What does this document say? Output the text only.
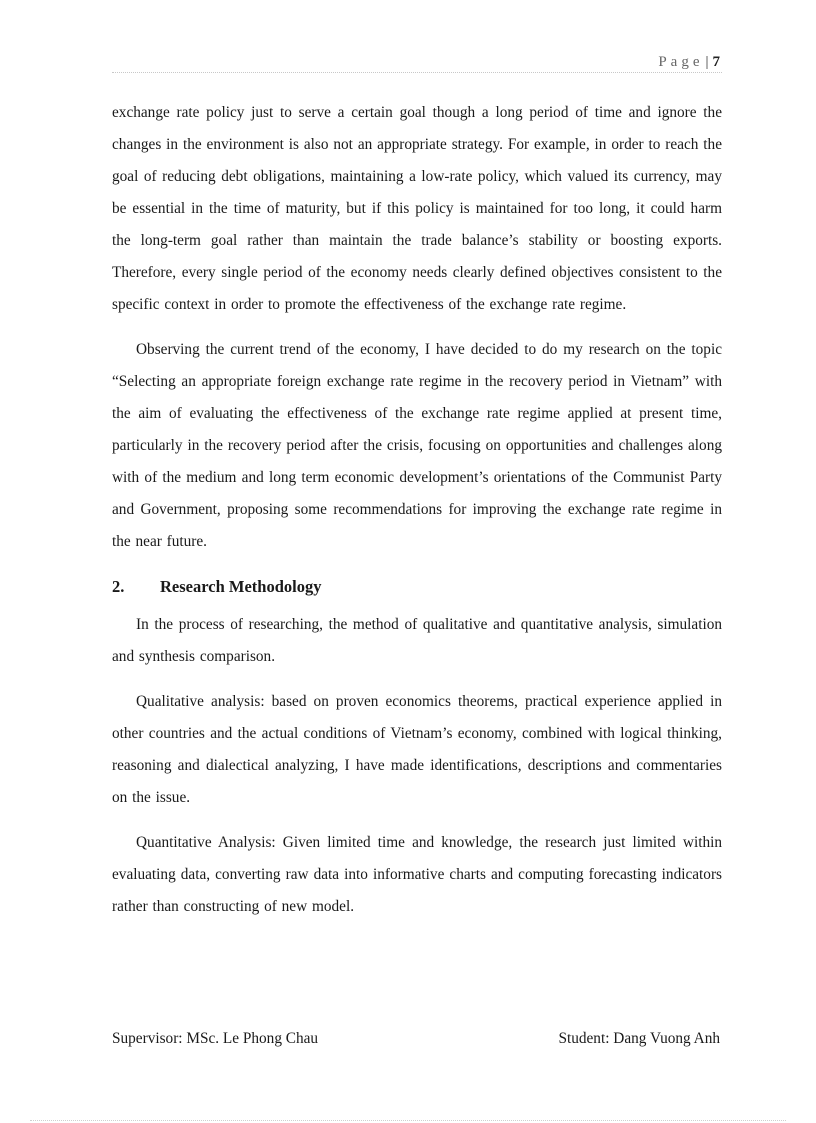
Page | 7

exchange rate policy just to serve a certain goal though a long period of time and ignore the changes in the environment is also not an appropriate strategy. For example, in order to reach the goal of reducing debt obligations, maintaining a low-rate policy, which valued its currency, may be essential in the time of maturity, but if this policy is maintained for too long, it could harm the long-term goal rather than maintain the trade balance’s stability or boosting exports. Therefore, every single period of the economy needs clearly defined objectives consistent to the specific context in order to promote the effectiveness of the exchange rate regime.

Observing the current trend of the economy, I have decided to do my research on the topic “Selecting an appropriate foreign exchange rate regime in the recovery period in Vietnam” with the aim of evaluating the effectiveness of the exchange rate regime applied at present time, particularly in the recovery period after the crisis, focusing on opportunities and challenges along with of the medium and long term economic development’s orientations of the Communist Party and Government, proposing some recommendations for improving the exchange rate regime in the near future.

2.	Research Methodology

In the process of researching, the method of qualitative and quantitative analysis, simulation and synthesis comparison.

Qualitative analysis: based on proven economics theorems, practical experience applied in other countries and the actual conditions of Vietnam’s economy, combined with logical thinking, reasoning and dialectical analyzing, I have made identifications, descriptions and commentaries on the issue.

Quantitative Analysis: Given limited time and knowledge, the research just limited within evaluating data, converting raw data into informative charts and computing forecasting indicators rather than constructing of new model.

Supervisor: MSc. Le Phong Chau	Student: Dang Vuong Anh
